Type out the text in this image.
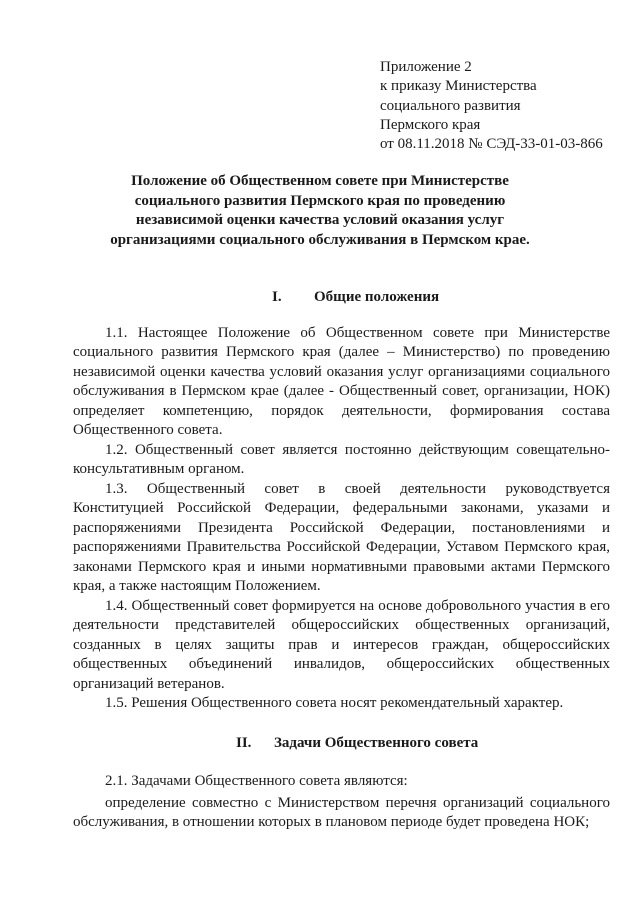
Приложение 2
к приказу Министерства
социального развития
Пермского края
от 08.11.2018 № СЭД-33-01-03-866
Положение об Общественном совете при Министерстве
социального развития Пермского края по проведению
независимой оценки качества условий оказания услуг
организациями социального обслуживания в Пермском крае.
I. Общие положения
1.1. Настоящее Положение об Общественном совете при Министерстве социального развития Пермского края (далее – Министерство) по проведению независимой оценки качества условий оказания услуг организациями социального обслуживания в Пермском крае (далее - Общественный совет, организации, НОК) определяет компетенцию, порядок деятельности, формирования состава Общественного совета.
1.2. Общественный совет является постоянно действующим совещательно-консультативным органом.
1.3. Общественный совет в своей деятельности руководствуется Конституцией Российской Федерации, федеральными законами, указами и распоряжениями Президента Российской Федерации, постановлениями и распоряжениями Правительства Российской Федерации, Уставом Пермского края, законами Пермского края и иными нормативными правовыми актами Пермского края, а также настоящим Положением.
1.4. Общественный совет формируется на основе добровольного участия в его деятельности представителей общероссийских общественных организаций, созданных в целях защиты прав и интересов граждан, общероссийских общественных объединений инвалидов, общероссийских общественных организаций ветеранов.
1.5. Решения Общественного совета носят рекомендательный характер.
II. Задачи Общественного совета
2.1. Задачами Общественного совета являются:
определение совместно с Министерством перечня организаций социального обслуживания, в отношении которых в плановом периоде будет проведена НОК;
